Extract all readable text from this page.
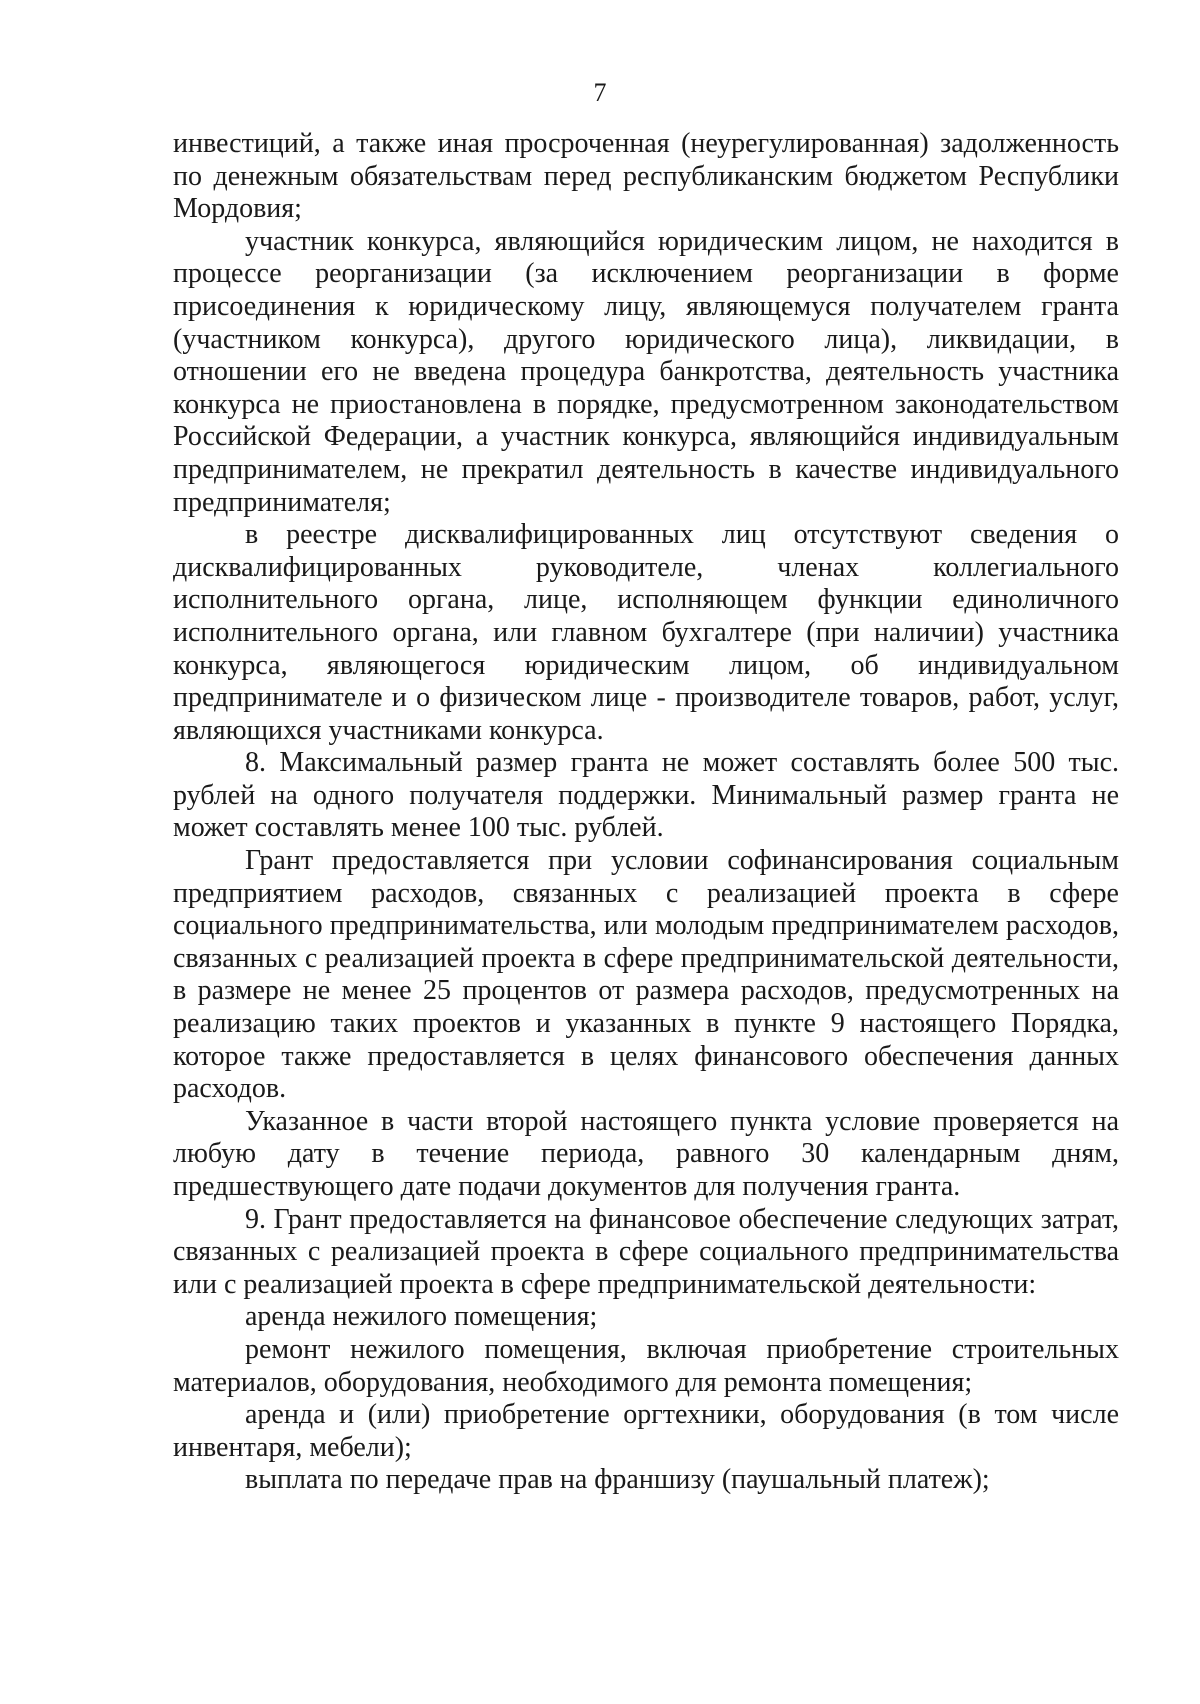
7

инвестиций, а также иная просроченная (неурегулированная) задолженность по денежным обязательствам перед республиканским бюджетом Республики Мордовия;

участник конкурса, являющийся юридическим лицом, не находится в процессе реорганизации (за исключением реорганизации в форме присоединения к юридическому лицу, являющемуся получателем гранта (участником конкурса), другого юридического лица), ликвидации, в отношении его не введена процедура банкротства, деятельность участника конкурса не приостановлена в порядке, предусмотренном законодательством Российской Федерации, а участник конкурса, являющийся индивидуальным предпринимателем, не прекратил деятельность в качестве индивидуального предпринимателя;

в реестре дисквалифицированных лиц отсутствуют сведения о дисквалифицированных руководителе, членах коллегиального исполнительного органа, лице, исполняющем функции единоличного исполнительного органа, или главном бухгалтере (при наличии) участника конкурса, являющегося юридическим лицом, об индивидуальном предпринимателе и о физическом лице - производителе товаров, работ, услуг, являющихся участниками конкурса.

8. Максимальный размер гранта не может составлять более 500 тыс. рублей на одного получателя поддержки. Минимальный размер гранта не может составлять менее 100 тыс. рублей.

Грант предоставляется при условии софинансирования социальным предприятием расходов, связанных с реализацией проекта в сфере социального предпринимательства, или молодым предпринимателем расходов, связанных с реализацией проекта в сфере предпринимательской деятельности, в размере не менее 25 процентов от размера расходов, предусмотренных на реализацию таких проектов и указанных в пункте 9 настоящего Порядка, которое также предоставляется в целях финансового обеспечения данных расходов.

Указанное в части второй настоящего пункта условие проверяется на любую дату в течение периода, равного 30 календарным дням, предшествующего дате подачи документов для получения гранта.

9. Грант предоставляется на финансовое обеспечение следующих затрат, связанных с реализацией проекта в сфере социального предпринимательства или с реализацией проекта в сфере предпринимательской деятельности:

аренда нежилого помещения;

ремонт нежилого помещения, включая приобретение строительных материалов, оборудования, необходимого для ремонта помещения;

аренда и (или) приобретение оргтехники, оборудования (в том числе инвентаря, мебели);

выплата по передаче прав на франшизу (паушальный платеж);
